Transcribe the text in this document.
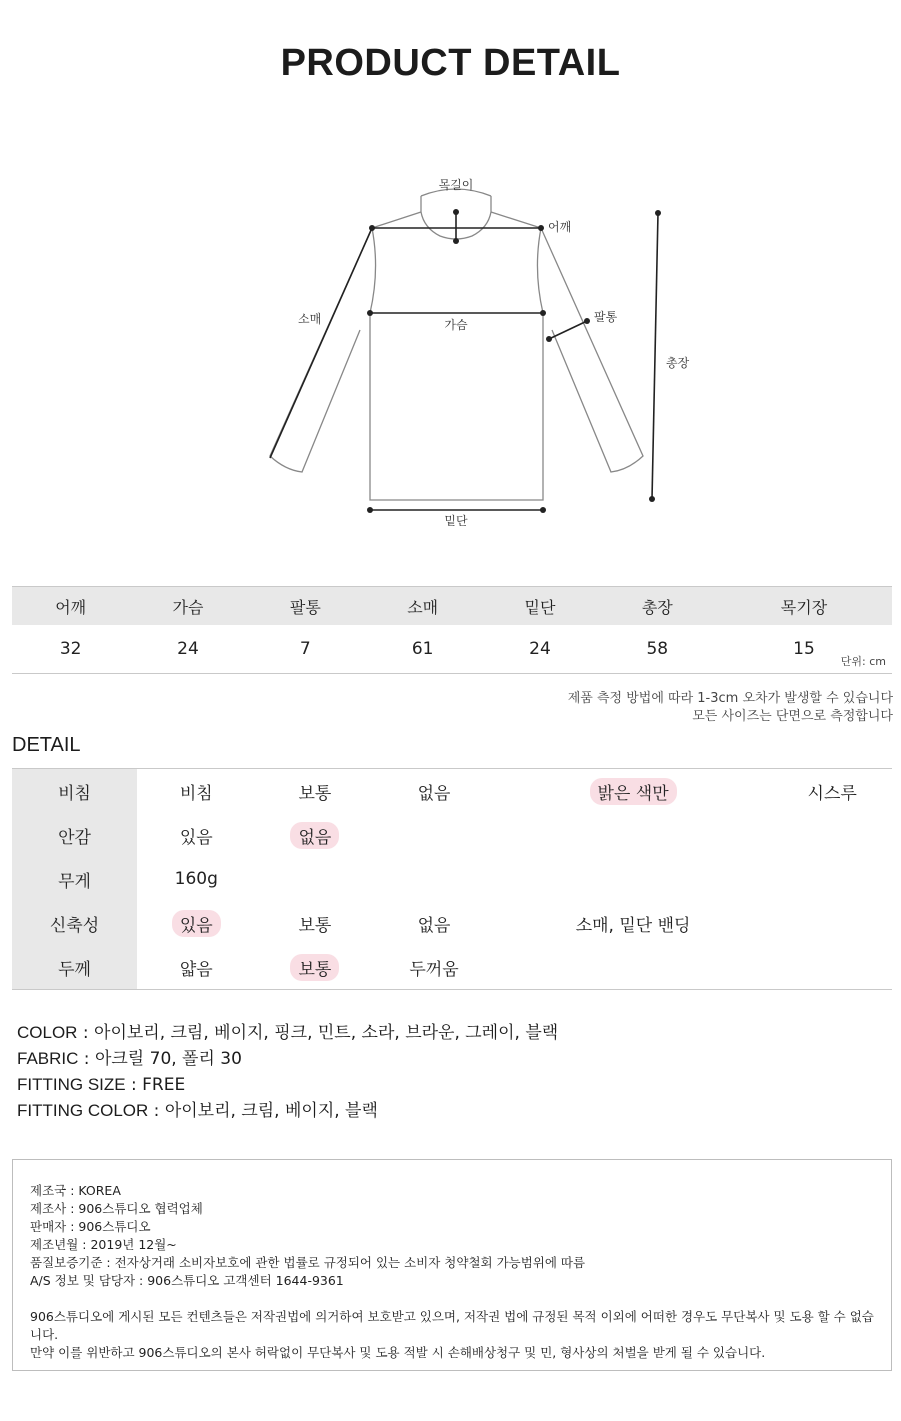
PRODUCT DETAIL
목길이
어깨
소매	가슴
팔통
총장
밑단
어깨	가슴	팔통	소매	밑단	총장	목기장
32	24	7	61	24	58	15
단위: cm
제품 측정 방법에 따라 1-3cm 오차가 발생할 수 있습니다
모든 사이즈는 단면으로 측정합니다
DETAIL
비침	비침	보통	없음	밝은 색만	시스루
안감	있음	없음			
무게	160g				
신축성	있음	보통	없음	소매, 밑단 밴딩	
두께	얇음	보통	두꺼움		
COLOR : 아이보리, 크림, 베이지, 핑크, 민트, 소라, 브라운, 그레이, 블랙
FABRIC : 아크릴 70, 폴리 30
FITTING SIZE : FREE
FITTING COLOR : 아이보리, 크림, 베이지, 블랙
제조국 : KOREA
제조사 : 906스튜디오 협력업체
판매자 : 906스튜디오
제조년월 : 2019년 12월~
품질보증기준 : 전자상거래 소비자보호에 관한 법률로 규정되어 있는 소비자 청약철회 가능범위에 따름
A/S 정보 및 담당자 : 906스튜디오 고객센터 1644-9361
906스튜디오에 게시된 모든 컨텐츠들은 저작권법에 의거하여 보호받고 있으며, 저작권 법에 규정된 목적 이외에 어떠한 경우도 무단복사 및 도용 할 수 없습니다.
만약 이를 위반하고 906스튜디오의 본사 허락없이 무단복사 및 도용 적발 시 손해배상청구 및 민, 형사상의 처벌을 받게 될 수 있습니다.
